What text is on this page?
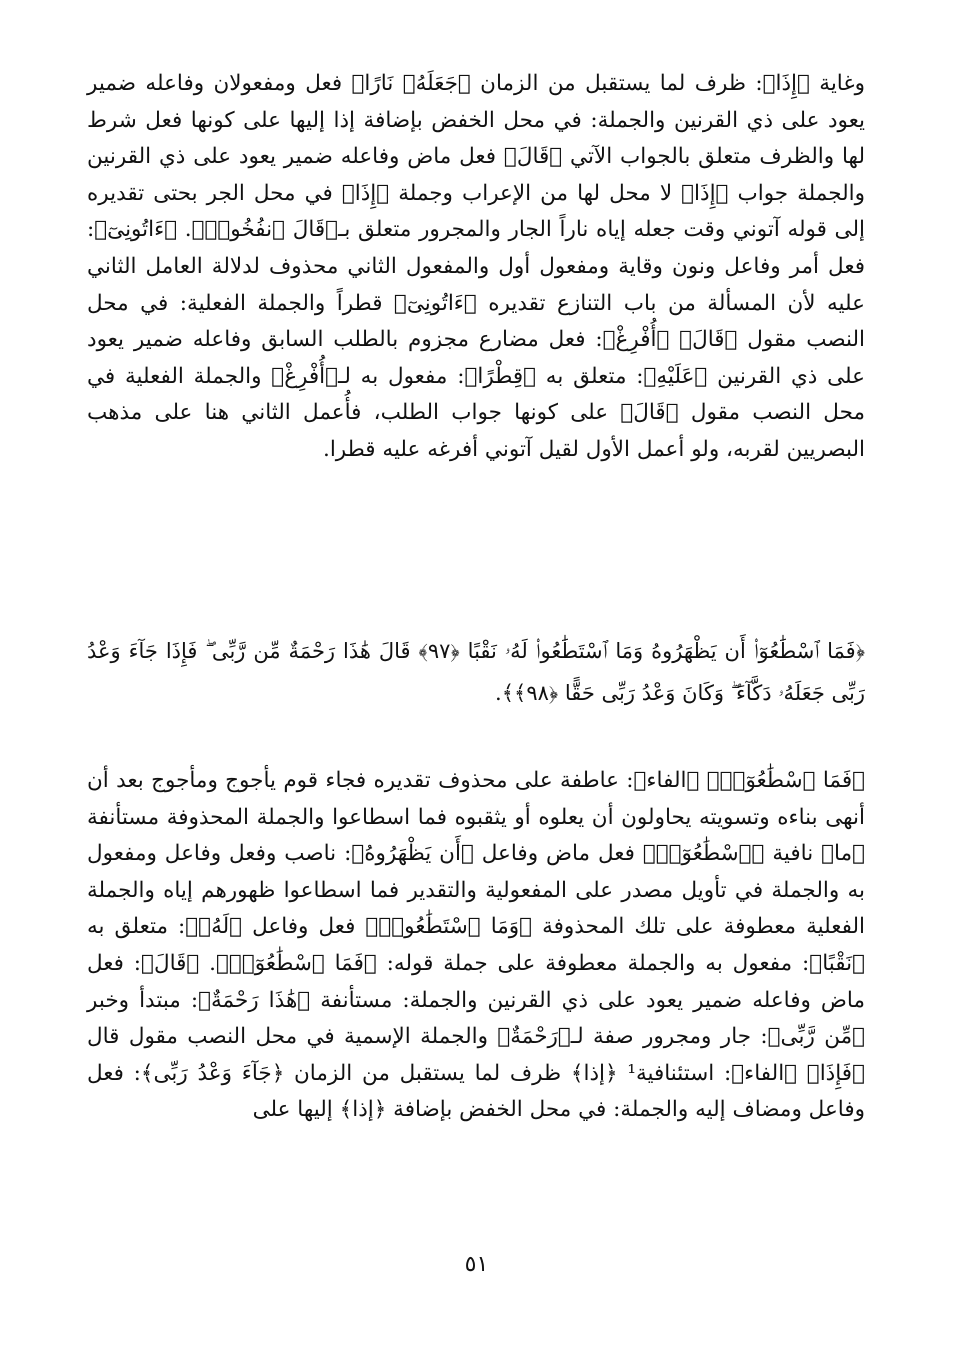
وغاية ﴿إِذَا﴾: ظرف لما يستقبل من الزمان ﴿جَعَلَهُۥ نَارًا﴾ فعل ومفعولان وفاعله ضمير يعود على ذي القرنين والجملة: في محل الخفض بإضافة إذا إليها على كونها فعل شرط لها والظرف متعلق بالجواب الآتي ﴿قَالَ﴾ فعل ماض وفاعله ضمير يعود على ذي القرنين والجملة جواب ﴿إِذَا﴾ لا محل لها من الإعراب وجملة ﴿إِذَا﴾ في محل الجر بحتى تقديره إلى قوله آتوني وقت جعله إياه ناراً الجار والمجرور متعلق بـ﴿قَالَ ٱنفُخُوا۟﴾. ﴿ءَاتُونِىٓ﴾: فعل أمر وفاعل ونون وقاية ومفعول أول والمفعول الثاني محذوف لدلالة العامل الثاني عليه لأن المسألة من باب التنازع تقديره ﴿ءَاتُونِىٓ﴾ قطراً والجملة الفعلية: في محل النصب مقول ﴿قَالَ﴾ ﴿أُفْرِغْ﴾: فعل مضارع مجزوم بالطلب السابق وفاعله ضمير يعود على ذي القرنين ﴿عَلَيْهِ﴾: متعلق به ﴿قِطْرًا﴾: مفعول به لـ﴿أُفْرِغْ﴾ والجملة الفعلية في محل النصب مقول ﴿قَالَ﴾ على كونها جواب الطلب، فأُعمل الثاني هنا على مذهب البصريين لقربه، ولو أعمل الأول لقيل آتوني أفرغه عليه قطرا.

﴿فَمَا ٱسْطَٰعُوٓا۟ أَن يَظْهَرُوهُ وَمَا ٱسْتَطَٰعُوا۟ لَهُۥ نَقْبًا ﴿٩٧﴾ قَالَ هَٰذَا رَحْمَةٌ مِّن رَّبِّى ۖ فَإِذَا جَآءَ وَعْدُ رَبِّى جَعَلَهُۥ دَكَّآءَ ۖ وَكَانَ وَعْدُ رَبِّى حَقًّا ﴿٩٨﴾﴾.

﴿فَمَا ٱسْطَٰعُوٓا۟﴾ ﴿الفاء﴾: عاطفة على محذوف تقديره فجاء قوم يأجوج ومأجوج بعد أن أنهى بناءه وتسويته يحاولون أن يعلوه أو يثقبوه فما اسطاعوا والجملة المحذوفة مستأنفة ﴿ما﴾ نافية ﴿ٱسْطَٰعُوٓا۟﴾ فعل ماض وفاعل ﴿أَن يَظْهَرُوهُ﴾: ناصب وفعل وفاعل ومفعول به والجملة في تأويل مصدر على المفعولية والتقدير فما اسطاعوا ظهورهم إياه والجملة الفعلية معطوفة على تلك المحذوفة ﴿وَمَا ٱسْتَطَٰعُوا۟﴾ فعل وفاعل ﴿لَهُۥ﴾: متعلق به ﴿نَقْبًا﴾: مفعول به والجملة معطوفة على جملة قوله: ﴿فَمَا ٱسْطَٰعُوٓا۟﴾. ﴿قَالَ﴾: فعل ماض وفاعله ضمير يعود على ذي القرنين والجملة: مستأنفة ﴿هَٰذَا رَحْمَةٌ﴾: مبتدأ وخبر ﴿مِّن رَّبِّى﴾: جار ومجرور صفة لـ﴿رَحْمَةٌ﴾ والجملة الإسمية في محل النصب مقول قال ﴿فَإِذَا﴾ ﴿الفاء﴾: استئنافية¹ ﴿إذا﴾ ظرف لما يستقبل من الزمان ﴿جَآءَ وَعْدُ رَبِّى﴾: فعل وفاعل ومضاف إليه والجملة: في محل الخفض بإضافة ﴿إذا﴾ إليها على

٥١
